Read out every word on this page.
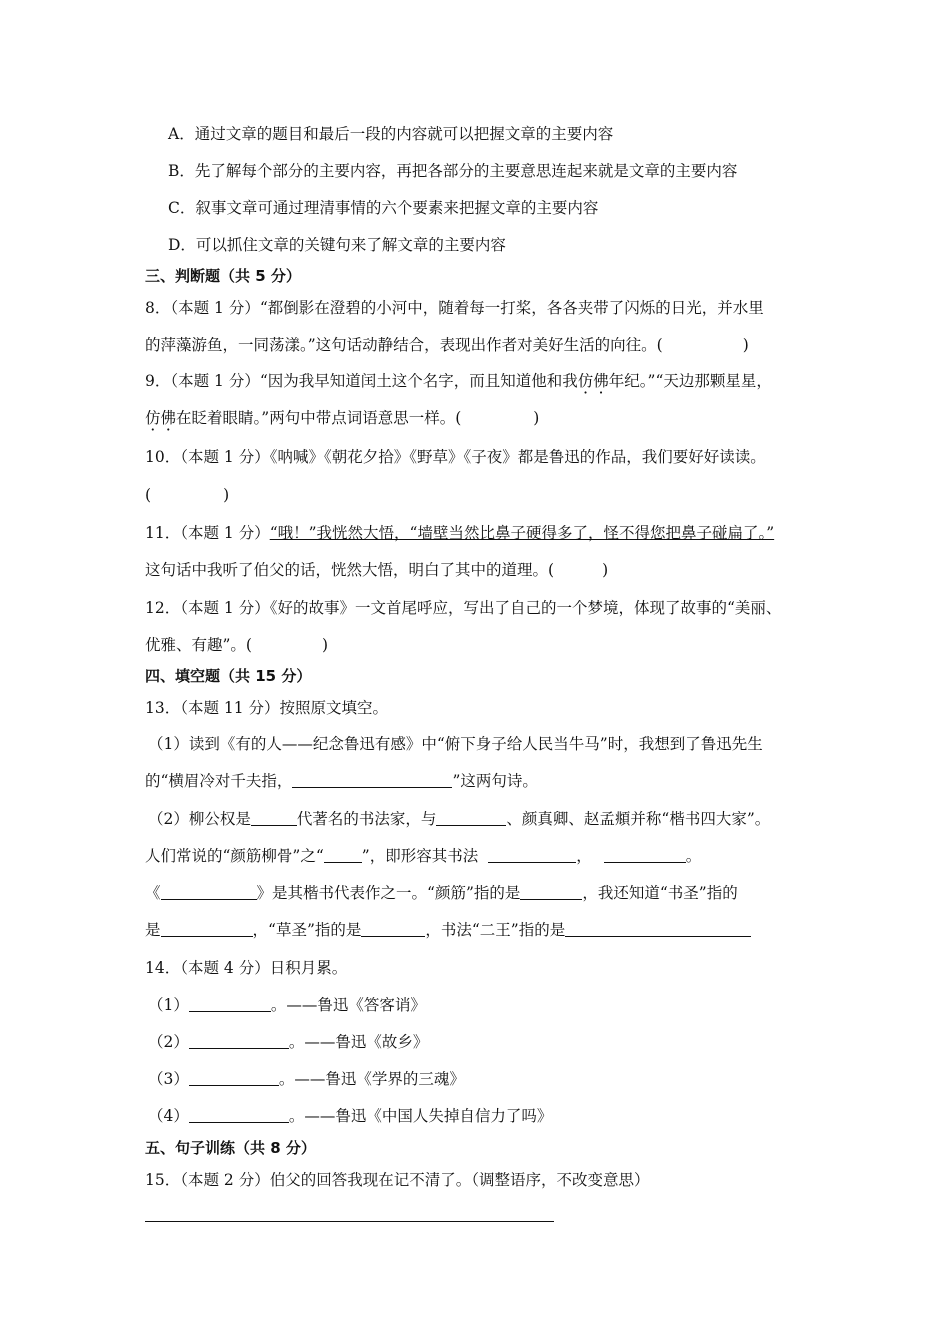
A．通过文章的题目和最后一段的内容就可以把握文章的主要内容
B．先了解每个部分的主要内容，再把各部分的主要意思连起来就是文章的主要内容
C．叙事文章可通过理清事情的六个要素来把握文章的主要内容
D．可以抓住文章的关键句来了解文章的主要内容
三、判断题（共 5 分）
8．（本题 1 分）“都倒影在澄碧的小河中，随着每一打桨，各各夹带了闪烁的日光，并水里
的萍藻游鱼，一同荡漾。”这句话动静结合，表现出作者对美好生活的向往。(	)
9．（本题 1 分）“因为我早知道闰土这个名字，而且知道他和我仿佛年纪。”“天边那颗星星，
仿佛在眨着眼睛。”两句中带点词语意思一样。(	)
10．（本题 1 分）《呐喊》《朝花夕拾》《野草》《子夜》都是鲁迅的作品，我们要好好读读。
(	)
11．（本题 1 分）“哦！”我恍然大悟，“墙壁当然比鼻子硬得多了，怪不得您把鼻子碰扁了。”
这句话中我听了伯父的话，恍然大悟，明白了其中的道理。(	)
12．（本题 1 分）《好的故事》一文首尾呼应，写出了自己的一个梦境，体现了故事的“美丽、
优雅、有趣”。(	)
四、填空题（共 15 分）
13．（本题 11 分）按照原文填空。
（1）读到《有的人——纪念鲁迅有感》中“俯下身子给人民当牛马”时，我想到了鲁迅先生
的“横眉冷对千夫指，	”这两句诗。
（2）柳公权是	代著名的书法家，与	、颜真卿、赵孟頫并称“楷书四大家”。
人们常说的“颜筋柳骨”之“ ”，即形容其书法	，	。
《	》是其楷书代表作之一。“颜筋”指的是	，我还知道“书圣”指的
是	，“草圣”指的是	，书法“二王”指的是
14．（本题 4 分）日积月累。
（1）	。——鲁迅《答客诮》
（2）	。——鲁迅《故乡》
（3）	。——鲁迅《学界的三魂》
（4）	。——鲁迅《中国人失掉自信力了吗》
五、句子训练（共 8 分）
15．（本题 2 分）伯父的回答我现在记不清了。（调整语序，不改变意思）
